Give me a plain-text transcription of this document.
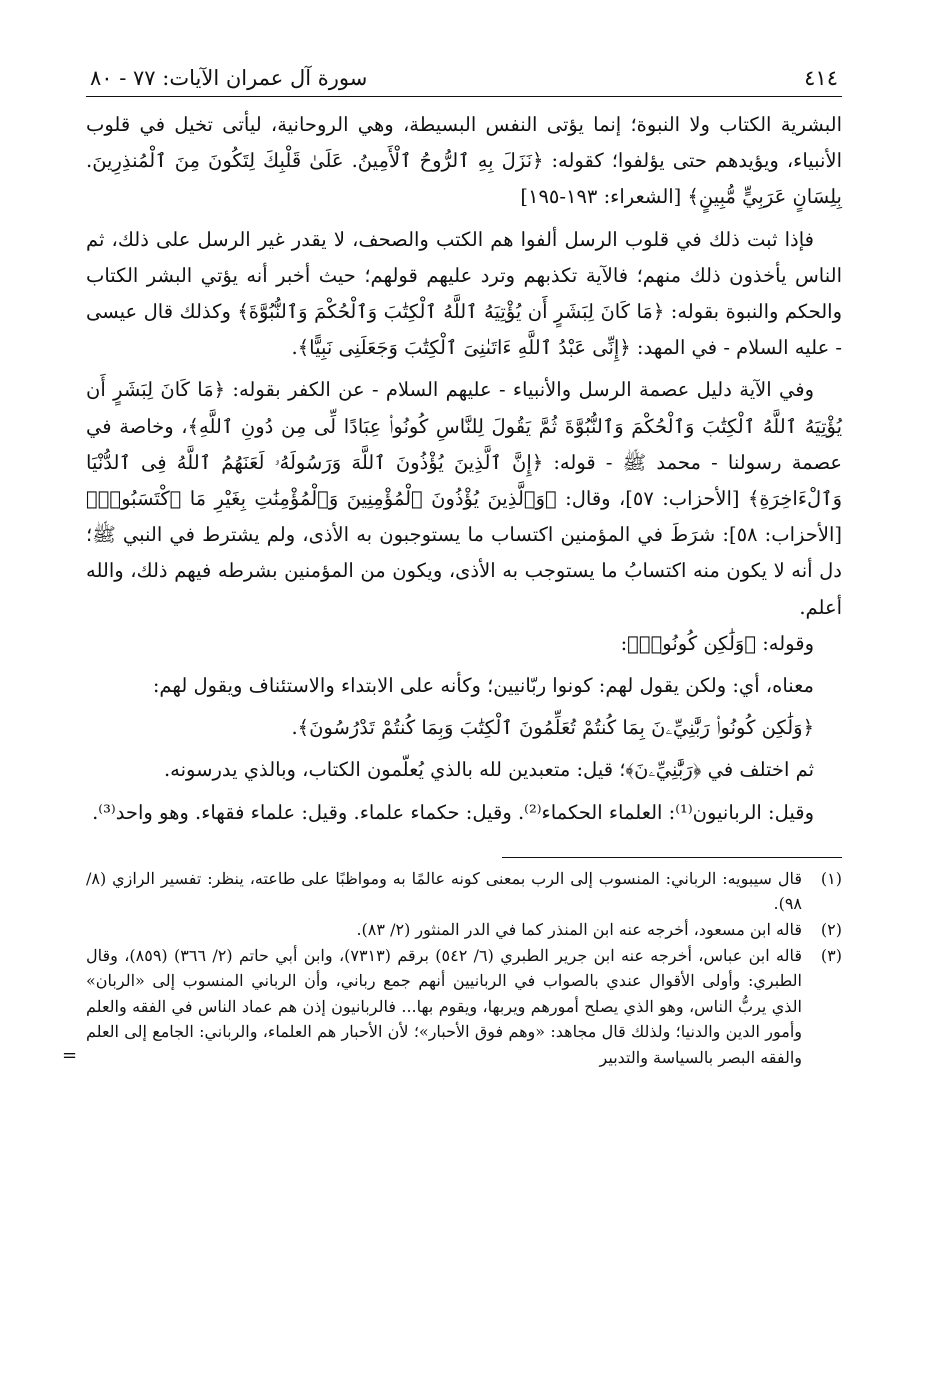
٤١٤
سورة آل عمران الآيات: ٧٧ - ٨٠

البشرية الكتاب ولا النبوة؛ إنما يؤتى النفس البسيطة، وهي الروحانية، ليأتى تخيل في قلوب الأنبياء، ويؤيدهم حتى يؤلفوا؛ كقوله: ﴿نَزَلَ بِهِ ٱلرُّوحُ ٱلْأَمِينُ. عَلَىٰ قَلْبِكَ لِتَكُونَ مِنَ ٱلْمُنذِرِينَ. بِلِسَانٍ عَرَبِيٍّ مُّبِينٍ﴾ [الشعراء: ١٩٣-١٩٥]

فإذا ثبت ذلك في قلوب الرسل ألفوا هم الكتب والصحف، لا يقدر غير الرسل على ذلك، ثم الناس يأخذون ذلك منهم؛ فالآية تكذبهم وترد عليهم قولهم؛ حيث أخبر أنه يؤتي البشر الكتاب والحكم والنبوة بقوله: ﴿مَا كَانَ لِبَشَرٍ أَن يُؤْتِيَهُ ٱللَّهُ ٱلْكِتَٰبَ وَٱلْحُكْمَ وَٱلنُّبُوَّةَ﴾ وكذلك قال عيسى - عليه السلام - في المهد: ﴿إِنِّى عَبْدُ ٱللَّهِ ءَاتَىٰنِىَ ٱلْكِتَٰبَ وَجَعَلَنِى نَبِيًّا﴾.

وفي الآية دليل عصمة الرسل والأنبياء - عليهم السلام - عن الكفر بقوله: ﴿مَا كَانَ لِبَشَرٍ أَن يُؤْتِيَهُ ٱللَّهُ ٱلْكِتَٰبَ وَٱلْحُكْمَ وَٱلنُّبُوَّةَ ثُمَّ يَقُولَ لِلنَّاسِ كُونُوا۟ عِبَادًا لِّى مِن دُونِ ٱللَّهِ﴾، وخاصة في عصمة رسولنا - محمد ﷺ - قوله: ﴿إِنَّ ٱلَّذِينَ يُؤْذُونَ ٱللَّهَ وَرَسُولَهُۥ لَعَنَهُمُ ٱللَّهُ فِى ٱلدُّنْيَا وَٱلْءَاخِرَةِ﴾ [الأحزاب: ٥٧]، وقال: ﴿وَٱلَّذِينَ يُؤْذُونَ ٱلْمُؤْمِنِينَ وَٱلْمُؤْمِنَٰتِ بِغَيْرِ مَا ٱكْتَسَبُوا۟﴾ [الأحزاب: ٥٨]: شرَطَ في المؤمنين اكتساب ما يستوجبون به الأذى، ولم يشترط في النبي ﷺ؛ دل أنه لا يكون منه اكتسابُ ما يستوجب به الأذى، ويكون من المؤمنين بشرطه فيهم ذلك، والله أعلم.

وقوله: ﴿وَلَٰكِن كُونُوا۟﴾:

معناه، أي: ولكن يقول لهم: كونوا ربّانيين؛ وكأنه على الابتداء والاستئناف ويقول لهم:

﴿وَلَٰكِن كُونُوا۟ رَبَّٰنِيِّۦنَ بِمَا كُنتُمْ تُعَلِّمُونَ ٱلْكِتَٰبَ وَبِمَا كُنتُمْ تَدْرُسُونَ﴾.

ثم اختلف في ﴿رَبَّٰنِيِّۦنَ﴾؛ قيل: متعبدين لله بالذي يُعلّمون الكتاب، وبالذي يدرسونه.

وقيل: الربانيون⁽¹⁾: العلماء الحكماء⁽²⁾. وقيل: حكماء علماء. وقيل: علماء فقهاء. وهو واحد⁽³⁾.

(١)
قال سيبويه: الرباني: المنسوب إلى الرب بمعنى كونه عالمًا به ومواظبًا على طاعته، ينظر: تفسير الرازي (٨/ ٩٨).
(٢)
قاله ابن مسعود، أخرجه عنه ابن المنذر كما في الدر المنثور (٢/ ٨٣).
(٣)
قاله ابن عباس، أخرجه عنه ابن جرير الطبري (٦/ ٥٤٢) برقم (٧٣١٣)، وابن أبي حاتم (٢/ ٣٦٦) (٨٥٩)، وقال الطبري: وأولى الأقوال عندي بالصواب في الربانيين أنهم جمع رباني، وأن الرباني المنسوب إلى «الربان» الذي يربُّ الناس، وهو الذي يصلح أمورهم ويربها، ويقوم بها... فالربانيون إذن هم عماد الناس في الفقه والعلم وأمور الدين والدنيا؛ ولذلك قال مجاهد: «وهم فوق الأحبار»؛ لأن الأحبار هم العلماء، والرباني: الجامع إلى العلم والفقه البصر بالسياسة والتدبير
=
